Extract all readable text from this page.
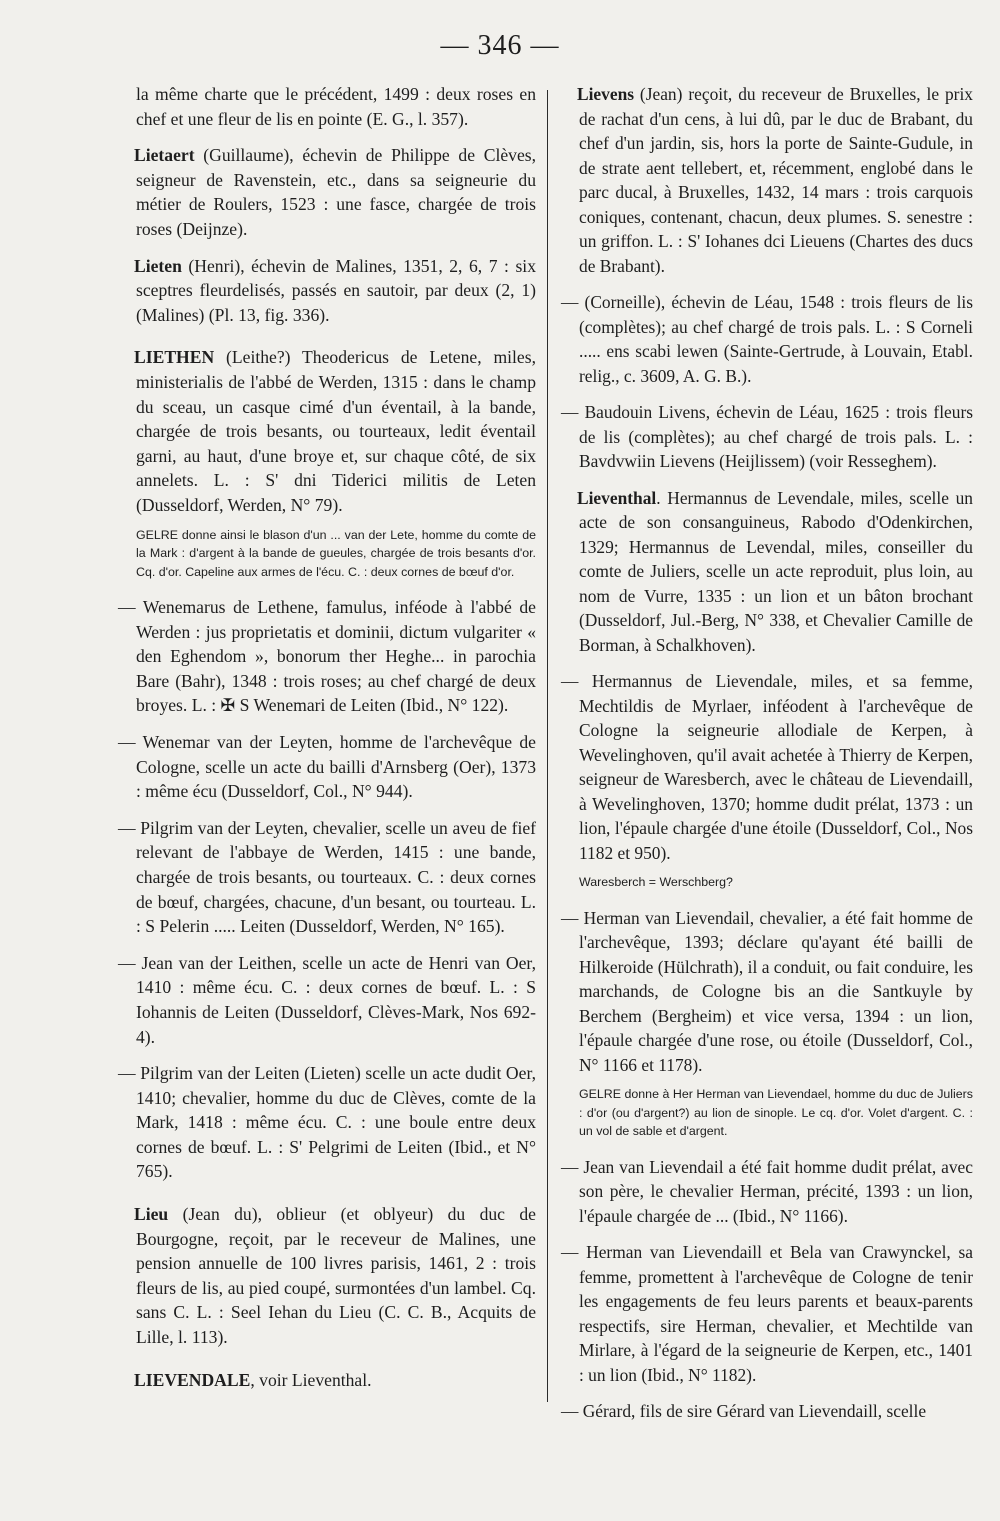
— 346 —
la même charte que le précédent, 1499 : deux roses en chef et une fleur de lis en pointe (E. G., l. 357).
Lietaert (Guillaume), échevin de Philippe de Clèves, seigneur de Ravenstein, etc., dans sa seigneurie du métier de Roulers, 1523 : une fasce, chargée de trois roses (Deijnze).
Lieten (Henri), échevin de Malines, 1351, 2, 6, 7 : six sceptres fleurdelisés, passés en sautoir, par deux (2, 1) (Malines) (Pl. 13, fig. 336).
LIETHEN (Leithe?) Theodericus de Letene, miles, ministerialis de l'abbé de Werden, 1315 : dans le champ du sceau, un casque cimé d'un éventail, à la bande, chargée de trois besants, ou tourteaux, ledit éventail garni, au haut, d'une broye et, sur chaque côté, de six annelets. L. : S' dni Tiderici militis de Leten (Dusseldorf, Werden, N° 79).
GELRE donne ainsi le blason d'un ... van der Lete, homme du comte de la Mark : d'argent à la bande de gueules, chargée de trois besants d'or. Cq. d'or. Capeline aux armes de l'écu. C. : deux cornes de bœuf d'or.
— Wenemarus de Lethene, famulus, inféode à l'abbé de Werden : jus proprietatis et dominii, dictum vulgariter « den Eghendom », bonorum ther Heghe... in parochia Bare (Bahr), 1348 : trois roses; au chef chargé de deux broyes. L. : ✠ S Wenemari de Leiten (Ibid., N° 122).
— Wenemar van der Leyten, homme de l'archevêque de Cologne, scelle un acte du bailli d'Arnsberg (Oer), 1373 : même écu (Dusseldorf, Col., N° 944).
— Pilgrim van der Leyten, chevalier, scelle un aveu de fief relevant de l'abbaye de Werden, 1415 : une bande, chargée de trois besants, ou tourteaux. C. : deux cornes de bœuf, chargées, chacune, d'un besant, ou tourteau. L. : S Pelerin ..... Leiten (Dusseldorf, Werden, N° 165).
— Jean van der Leithen, scelle un acte de Henri van Oer, 1410 : même écu. C. : deux cornes de bœuf. L. : S Iohannis de Leiten (Dusseldorf, Clèves-Mark, Nos 692-4).
— Pilgrim van der Leiten (Lieten) scelle un acte dudit Oer, 1410; chevalier, homme du duc de Clèves, comte de la Mark, 1418 : même écu. C. : une boule entre deux cornes de bœuf. L. : S' Pelgrimi de Leiten (Ibid., et N° 765).
Lieu (Jean du), oblieur (et oblyeur) du duc de Bourgogne, reçoit, par le receveur de Malines, une pension annuelle de 100 livres parisis, 1461, 2 : trois fleurs de lis, au pied coupé, surmontées d'un lambel. Cq. sans C. L. : Seel Iehan du Lieu (C. C. B., Acquits de Lille, l. 113).
LIEVENDALE, voir Lieventhal.
Lievens (Jean) reçoit, du receveur de Bruxelles, le prix de rachat d'un cens, à lui dû, par le duc de Brabant, du chef d'un jardin, sis, hors la porte de Sainte-Gudule, in de strate aent tellebert, et, récemment, englobé dans le parc ducal, à Bruxelles, 1432, 14 mars : trois carquois coniques, contenant, chacun, deux plumes. S. senestre : un griffon. L. : S' Iohanes dci Lieuens (Chartes des ducs de Brabant).
— (Corneille), échevin de Léau, 1548 : trois fleurs de lis (complètes); au chef chargé de trois pals. L. : S Corneli ..... ens scabi lewen (Sainte-Gertrude, à Louvain, Etabl. relig., c. 3609, A. G. B.).
— Baudouin Livens, échevin de Léau, 1625 : trois fleurs de lis (complètes); au chef chargé de trois pals. L. : Bavdvwiin Lievens (Heijlissem) (voir Resseghem).
Lieventhal. Hermannus de Levendale, miles, scelle un acte de son consanguineus, Rabodo d'Odenkirchen, 1329; Hermannus de Levendal, miles, conseiller du comte de Juliers, scelle un acte reproduit, plus loin, au nom de Vurre, 1335 : un lion et un bâton brochant (Dusseldorf, Jul.-Berg, N° 338, et Chevalier Camille de Borman, à Schalkhoven).
— Hermannus de Lievendale, miles, et sa femme, Mechtildis de Myrlaer, inféodent à l'archevêque de Cologne la seigneurie allodiale de Kerpen, à Wevelinghoven, qu'il avait achetée à Thierry de Kerpen, seigneur de Waresberch, avec le château de Lievendaill, à Wevelinghoven, 1370; homme dudit prélat, 1373 : un lion, l'épaule chargée d'une étoile (Dusseldorf, Col., Nos 1182 et 950).
Waresberch = Werschberg?
— Herman van Lievendail, chevalier, a été fait homme de l'archevêque, 1393; déclare qu'ayant été bailli de Hilkeroide (Hülchrath), il a conduit, ou fait conduire, les marchands, de Cologne bis an die Santkuyle by Berchem (Bergheim) et vice versa, 1394 : un lion, l'épaule chargée d'une rose, ou étoile (Dusseldorf, Col., N° 1166 et 1178).
GELRE donne à Her Herman van Lievendael, homme du duc de Juliers : d'or (ou d'argent?) au lion de sinople. Le cq. d'or. Volet d'argent. C. : un vol de sable et d'argent.
— Jean van Lievendail a été fait homme dudit prélat, avec son père, le chevalier Herman, précité, 1393 : un lion, l'épaule chargée de ... (Ibid., N° 1166).
— Herman van Lievendaill et Bela van Crawynckel, sa femme, promettent à l'archevêque de Cologne de tenir les engagements de feu leurs parents et beaux-parents respectifs, sire Herman, chevalier, et Mechtilde van Mirlare, à l'égard de la seigneurie de Kerpen, etc., 1401 : un lion (Ibid., N° 1182).
— Gérard, fils de sire Gérard van Lievendaill, scelle
